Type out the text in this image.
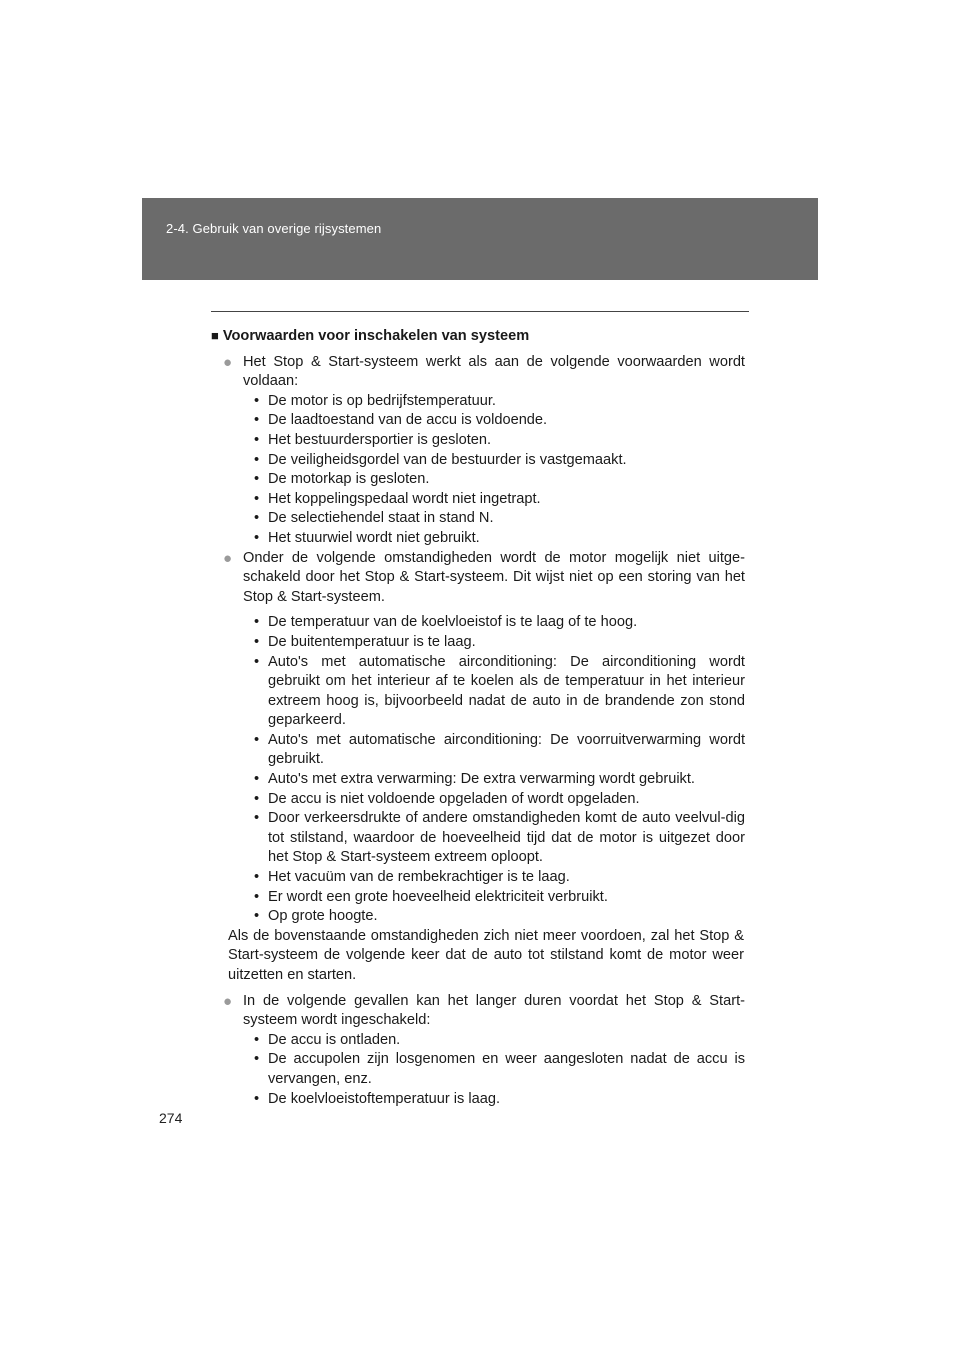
2-4. Gebruik van overige rijsystemen

■ Voorwaarden voor inschakelen van systeem

● Het Stop & Start-systeem werkt als aan de volgende voorwaarden wordt voldaan:

• De motor is op bedrijfstemperatuur.
• De laadtoestand van de accu is voldoende.
• Het bestuurdersportier is gesloten.
• De veiligheidsgordel van de bestuurder is vastgemaakt.
• De motorkap is gesloten.
• Het koppelingspedaal wordt niet ingetrapt.
• De selectiehendel staat in stand N.
• Het stuurwiel wordt niet gebruikt.
● Onder de volgende omstandigheden wordt de motor mogelijk niet uitge-schakeld door het Stop & Start-systeem. Dit wijst niet op een storing van het Stop & Start-systeem.

• De temperatuur van de koelvloeistof is te laag of te hoog.
• De buitentemperatuur is te laag.
• Auto's met automatische airconditioning: De airconditioning wordt gebruikt om het interieur af te koelen als de temperatuur in het interieur extreem hoog is, bijvoorbeeld nadat de auto in de brandende zon stond geparkeerd.
• Auto's met automatische airconditioning: De voorruitverwarming wordt gebruikt.
• Auto's met extra verwarming: De extra verwarming wordt gebruikt.
• De accu is niet voldoende opgeladen of wordt opgeladen.
• Door verkeersdrukte of andere omstandigheden komt de auto veelvul-dig tot stilstand, waardoor de hoeveelheid tijd dat de motor is uitgezet door het Stop & Start-systeem extreem oploopt.
• Het vacuüm van de rembekrachtiger is te laag.
• Er wordt een grote hoeveelheid elektriciteit verbruikt.
• Op grote hoogte.

Als de bovenstaande omstandigheden zich niet meer voordoen, zal het Stop & Start-systeem de volgende keer dat de auto tot stilstand komt de motor weer uitzetten en starten.

● In de volgende gevallen kan het langer duren voordat het Stop & Start-systeem wordt ingeschakeld:

• De accu is ontladen.
• De accupolen zijn losgenomen en weer aangesloten nadat de accu is vervangen, enz.
• De koelvloeistoftemperatuur is laag.
274
